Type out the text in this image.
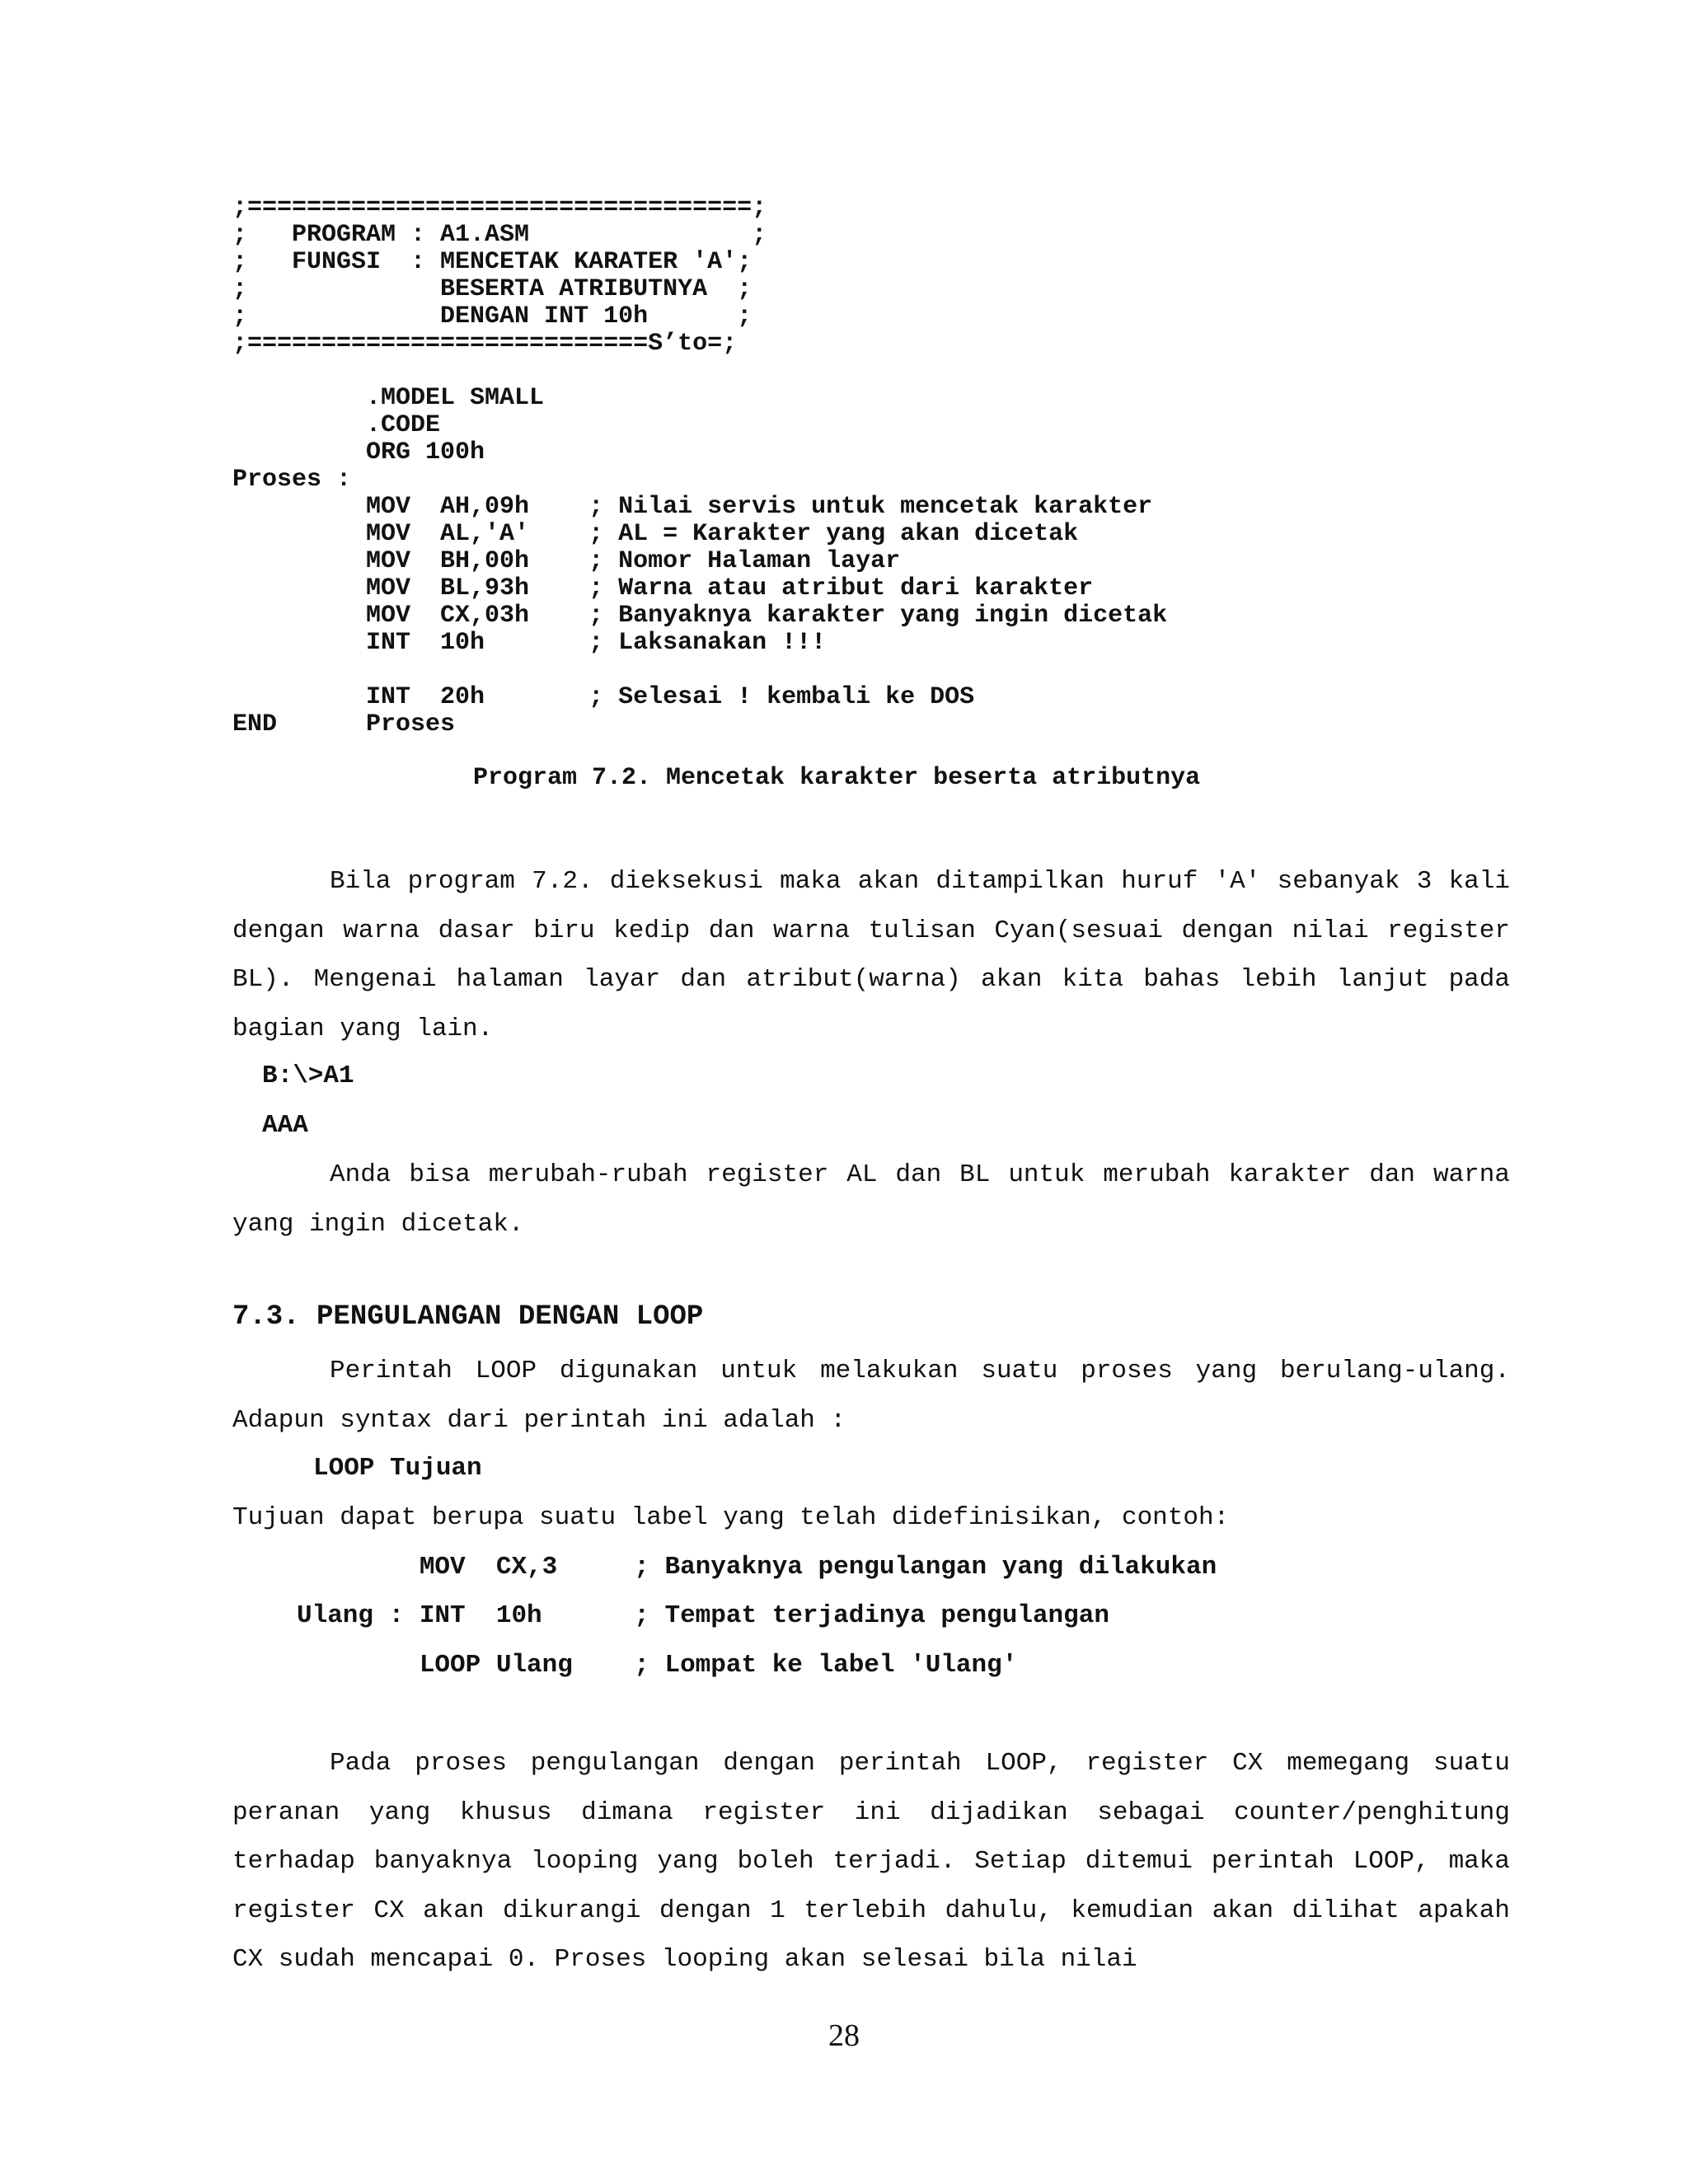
;==================================;
;   PROGRAM : A1.ASM               ;
;   FUNGSI  : MENCETAK KARATER 'A';
;             BESERTA ATRIBUTNYA  ;
;             DENGAN INT 10h      ;
;===========================S’to=;

.MODEL SMALL
.CODE
ORG 100h
Proses :
MOV  AH,09h    ; Nilai servis untuk mencetak karakter
MOV  AL,'A'    ; AL = Karakter yang akan dicetak
MOV  BH,00h    ; Nomor Halaman layar
MOV  BL,93h    ; Warna atau atribut dari karakter
MOV  CX,03h    ; Banyaknya karakter yang ingin dicetak
INT  10h       ; Laksanakan !!!

INT  20h       ; Selesai ! kembali ke DOS
END      Proses
Program 7.2. Mencetak karakter beserta atributnya

Bila program 7.2. dieksekusi maka akan ditampilkan huruf 'A' sebanyak 3 kali dengan warna dasar biru kedip dan warna tulisan Cyan(sesuai dengan nilai register BL). Mengenai halaman layar dan atribut(warna) akan kita bahas lebih lanjut pada bagian yang lain.

B:\>A1
AAA

Anda bisa merubah-rubah register AL dan BL untuk merubah karakter dan warna yang ingin dicetak.

7.3. PENGULANGAN DENGAN LOOP

Perintah LOOP digunakan untuk melakukan suatu proses yang berulang-ulang. Adapun syntax dari perintah ini adalah :

LOOP Tujuan
Tujuan dapat berupa suatu label yang telah didefinisikan, contoh:
MOV  CX,3     ; Banyaknya pengulangan yang dilakukan
Ulang : INT  10h      ; Tempat terjadinya pengulangan
LOOP Ulang    ; Lompat ke label 'Ulang'

Pada proses pengulangan dengan perintah LOOP, register CX memegang suatu peranan yang khusus dimana register ini dijadikan sebagai counter/penghitung terhadap banyaknya looping yang boleh terjadi. Setiap ditemui perintah LOOP, maka register CX akan dikurangi dengan 1 terlebih dahulu, kemudian akan dilihat apakah CX sudah mencapai 0. Proses looping akan selesai bila nilai

28
